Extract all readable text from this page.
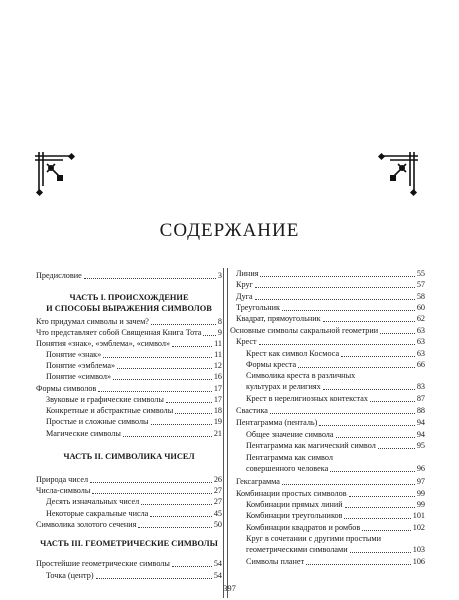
СОДЕРЖАНИЕ
Предисловие	3
ЧАСТЬ I. ПРОИСХОЖДЕНИЕ
И СПОСОБЫ ВЫРАЖЕНИЯ СИМВОЛОВ
Кто придумал символы и зачем?	8
Что представляет собой Священная Книга Тота 9
Понятия «знак», «эмблема», «символ»	11
Понятие «знак»	11
Понятие «эмблема»	12
Понятие «символ»	16
Формы символов	17
Звуковые и графические символы	17
Конкретные и абстрактные символы	18
Простые и сложные символы	19
Магические символы	21
ЧАСТЬ II. СИМВОЛИКА ЧИСЕЛ
Природа чисел	26
Числа-символы	27
Десять изначальных чисел	27
Некоторые сакральные числа	45
Символика золотого сечения	50
ЧАСТЬ III. ГЕОМЕТРИЧЕСКИЕ СИМВОЛЫ
Простейшие геометрические символы	54
Точка (центр)	54
Линия	55
Круг	57
Дуга	58
Треугольник	60
Квадрат, прямоугольник	62
Основные символы сакральной геометрии	63
Крест	63
Крест как символ Космоса	63
Формы креста	66
Символика креста в различных
культурах и религиях	83
Крест в нерелигиозных контекстах	87
Свастика	88
Пентаграмма (пенталь)	94
Общее значение символа	94
Пентаграмма как магический символ	95
Пентаграмма как символ
совершенного человека	96
Гексаграмма	97
Комбинации простых символов	99
Комбинации прямых линий	99
Комбинации треугольников	101
Комбинации квадратов и ромбов	102
Круг в сочетании с другими простыми
геометрическими символами	103
Символы планет	106
397
